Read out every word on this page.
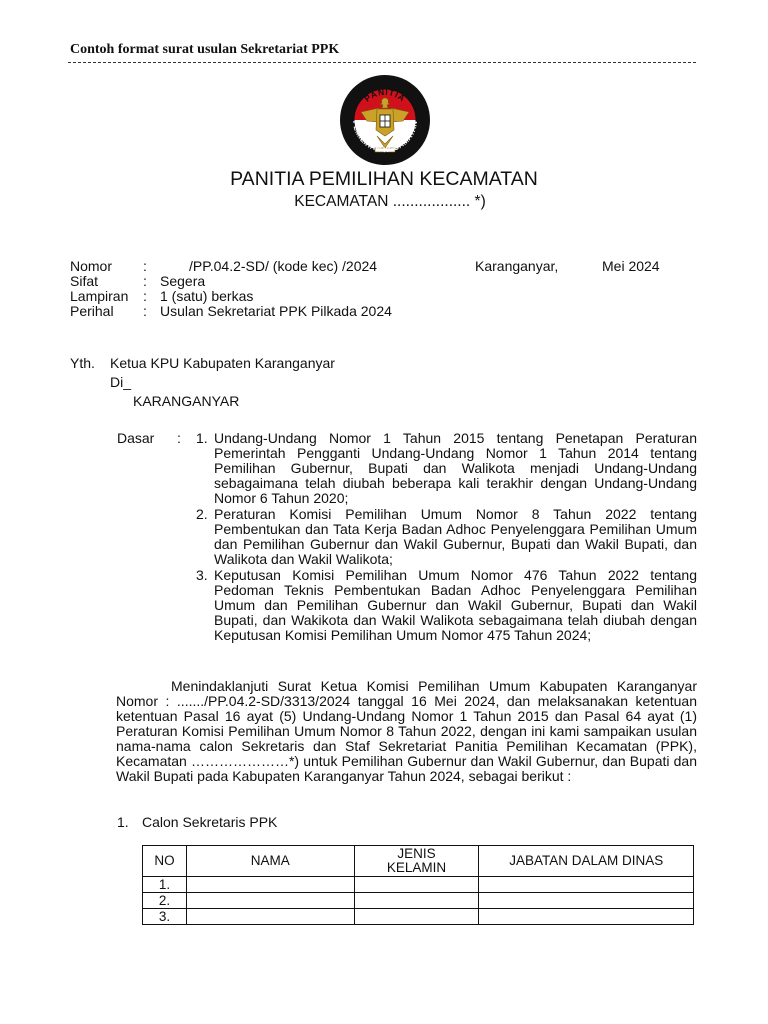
Contoh format surat usulan Sekretariat PPK
PANITIA
PEMILIHAN KECAMATAN
PANITIA PEMILIHAN KECAMATAN
KECAMATAN .................. *)
Nomor :	/PP.04.2-SD/ (kode kec) /2024	Karanganyar,	Mei 2024
Sifat	: Segera
Lampiran : 1 (satu) berkas
Perihal : Usulan Sekretariat PPK Pilkada 2024
Yth. Ketua KPU Kabupaten Karanganyar
Di_
KARANGANYAR
Dasar : 1. Undang-Undang Nomor 1 Tahun 2015 tentang Penetapan Peraturan Pemerintah Pengganti Undang-Undang Nomor 1 Tahun 2014 tentang Pemilihan Gubernur, Bupati dan Walikota menjadi Undang-Undang sebagaimana telah diubah beberapa kali terakhir dengan Undang-Undang Nomor 6 Tahun 2020;
2. Peraturan Komisi Pemilihan Umum Nomor 8 Tahun 2022 tentang Pembentukan dan Tata Kerja Badan Adhoc Penyelenggara Pemilihan Umum dan Pemilihan Gubernur dan Wakil Gubernur, Bupati dan Wakil Bupati, dan Walikota dan Wakil Walikota;
3. Keputusan Komisi Pemilihan Umum Nomor 476 Tahun 2022 tentang Pedoman Teknis Pembentukan Badan Adhoc Penyelenggara Pemilihan Umum dan Pemilihan Gubernur dan Wakil Gubernur, Bupati dan Wakil Bupati, dan Wakikota dan Wakil Walikota sebagaimana telah diubah dengan Keputusan Komisi Pemilihan Umum Nomor 475 Tahun 2024;
Menindaklanjuti Surat Ketua Komisi Pemilihan Umum Kabupaten Karanganyar
Nomor : ......./PP.04.2-SD/3313/2024 tanggal 16 Mei 2024, dan melaksanakan ketentuan ketentuan Pasal 16 ayat (5) Undang-Undang Nomor 1 Tahun 2015 dan Pasal 64 ayat (1) Peraturan Komisi Pemilihan Umum Nomor 8 Tahun 2022, dengan ini kami sampaikan usulan nama-nama calon Sekretaris dan Staf Sekretariat Panitia Pemilihan Kecamatan (PPK), Kecamatan …………………*) untuk Pemilihan Gubernur dan Wakil Gubernur, dan Bupati dan Wakil Bupati pada Kabupaten Karanganyar Tahun 2024, sebagai berikut :
1. Calon Sekretaris PPK
NO	NAMA	JENIS KELAMIN	JABATAN DALAM DINAS
1.			
2.			
3.			
